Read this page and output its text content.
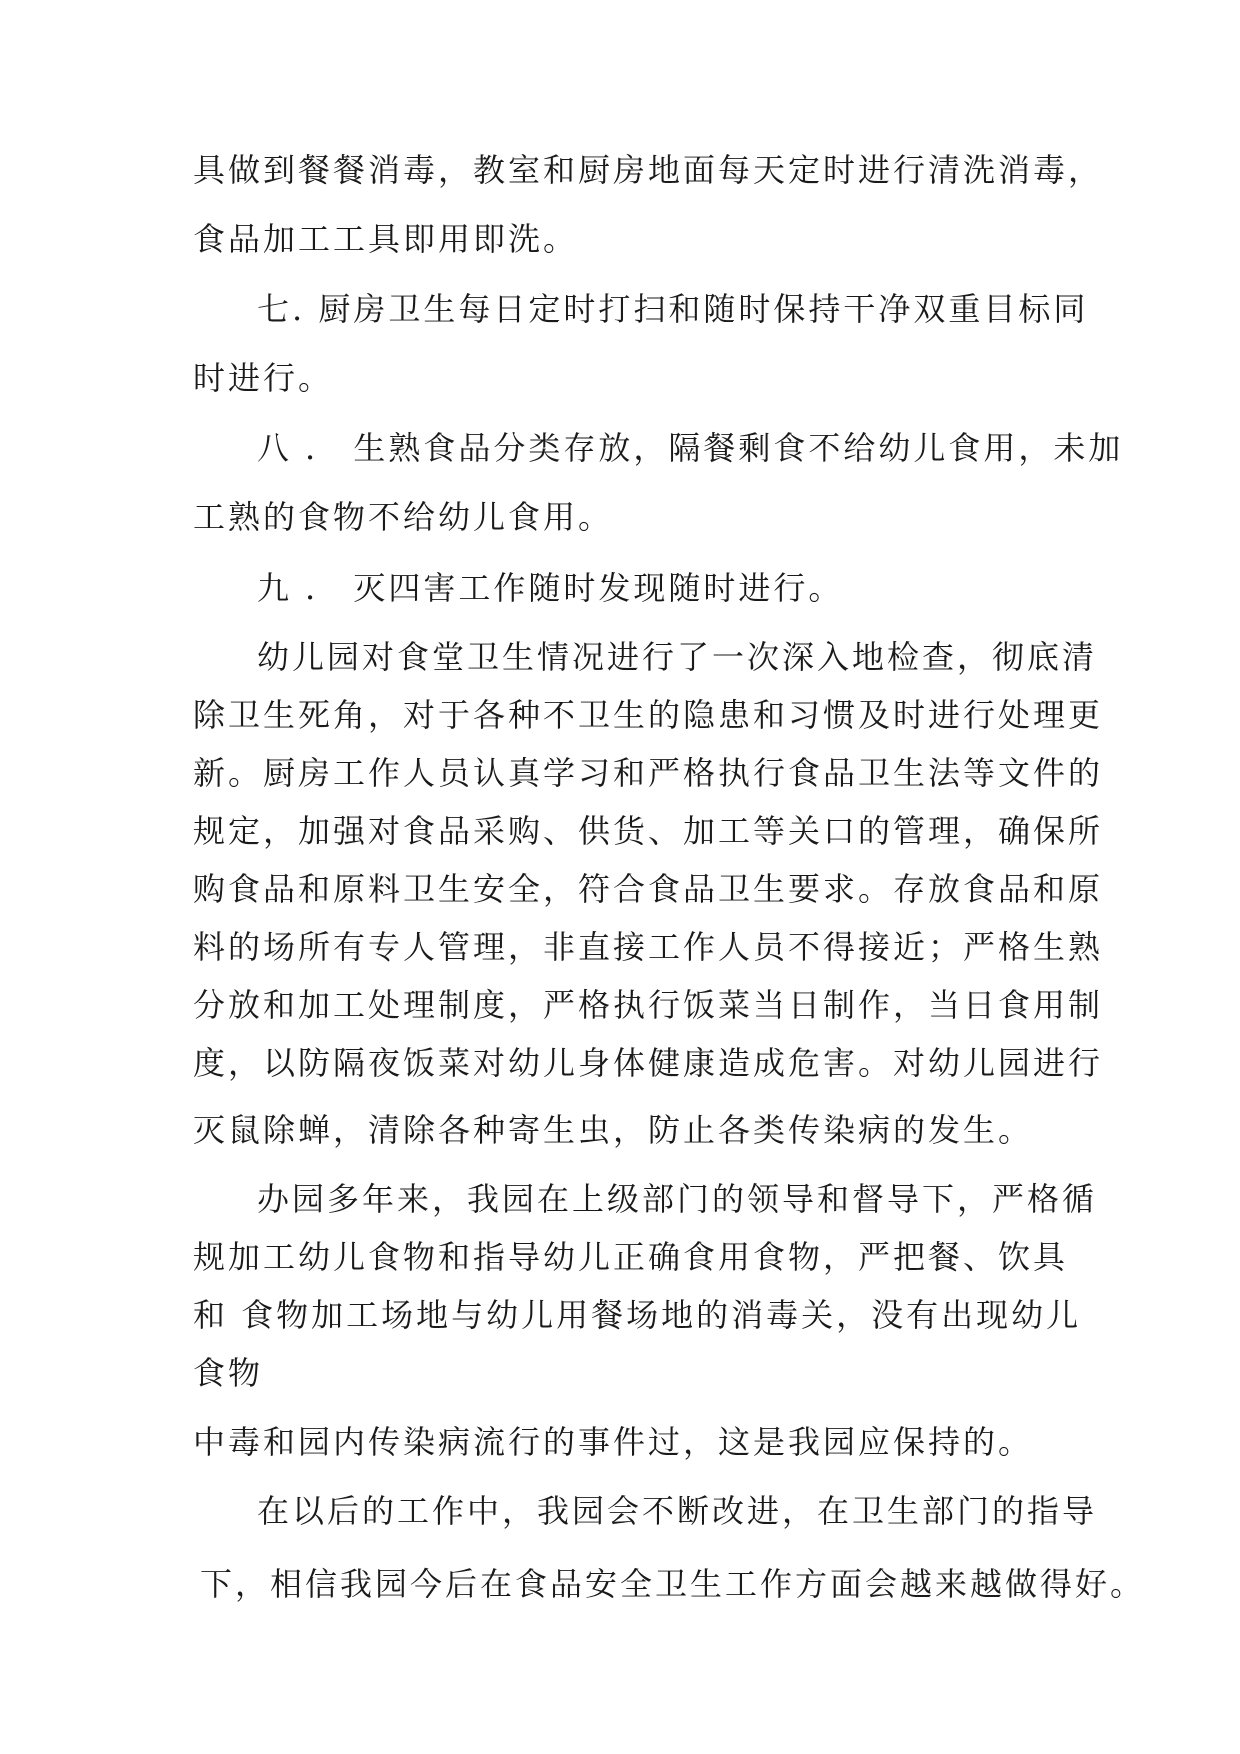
具做到餐餐消毒，教室和厨房地面每天定时进行清洗消毒，

食品加工工具即用即洗。

七. 厨房卫生每日定时打扫和随时保持干净双重目标同

时进行。

八 ． 生熟食品分类存放，隔餐剩食不给幼儿食用，未加

工熟的食物不给幼儿食用。

九 ． 灭四害工作随时发现随时进行。

幼儿园对食堂卫生情况进行了一次深入地检查，彻底清

除卫生死角，对于各种不卫生的隐患和习惯及时进行处理更

新。厨房工作人员认真学习和严格执行食品卫生法等文件的

规定，加强对食品采购、供货、加工等关口的管理，确保所

购食品和原料卫生安全，符合食品卫生要求。存放食品和原

料的场所有专人管理，非直接工作人员不得接近；严格生熟

分放和加工处理制度，严格执行饭菜当日制作，当日食用制

度，以防隔夜饭菜对幼儿身体健康造成危害。对幼儿园进行

灭鼠除蝉，清除各种寄生虫，防止各类传染病的发生。

办园多年来，我园在上级部门的领导和督导下，严格循

规加工幼儿食物和指导幼儿正确食用食物，严把餐、饮具

和 食物加工场地与幼儿用餐场地的消毒关，没有出现幼儿

食物

中毒和园内传染病流行的事件过，这是我园应保持的。

在以后的工作中，我园会不断改进，在卫生部门的指导

下，相信我园今后在食品安全卫生工作方面会越来越做得好。
